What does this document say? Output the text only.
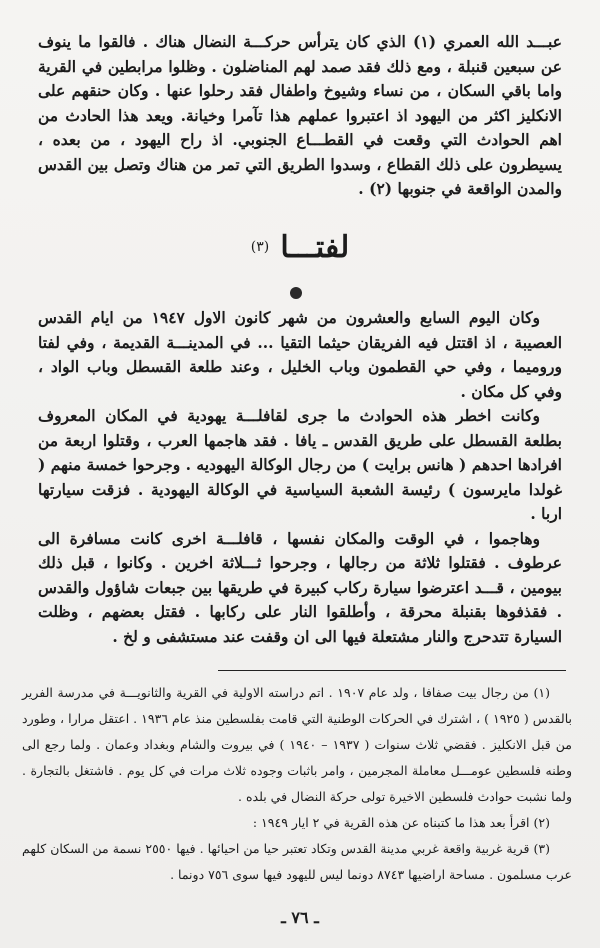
عبـــد الله العمري (١) الذي كان يترأس حركـــة النضال هناك . فالقوا ما ينوف عن سبعين قنبلة ، ومع ذلك فقد صمد لهم المناضلون . وظلوا مرابطين في القرية واما باقي السكان ، من نساء وشيوخ واطفال فقد رحلوا عنها . وكان حنقهم على الانكليز اكثر من اليهود اذ اعتبروا عملهم هذا تآمرا وخيانة. ويعد هذا الحادث من اهم الحوادث التي وقعت في القطـــاع الجنوبي. اذ راح اليهود ، من بعده ، يسيطرون على ذلك القطاع ، وسدوا الطريق التي تمر من هناك وتصل بين القدس والمدن الواقعة في جنوبها (٢) .

لفتـــا (٣)

وكان اليوم السابع والعشرون من شهر كانون الاول ١٩٤٧ من ايام القدس العصيبة ، اذ اقتتل فيه الفريقان حيثما التقيا ... في المدينـــة القديمة ، وفي لفتا وروميما ، وفي حي القطمون وباب الخليل ، وعند طلعة القسطل وباب الواد ، وفي كل مكان .

وكانت اخطر هذه الحوادث ما جرى لقافلـــة يهودية في المكان المعروف بطلعة القسطل على طريق القدس ـ يافا . فقد هاجمها العرب ، وقتلوا اربعة من افرادها احدهم ( هانس برايت ) من رجال الوكالة اليهوديه . وجرحوا خمسة منهم ( غولدا مايرسون ) رئيسة الشعبة السياسية في الوكالة اليهودية . فزقت سيارتها اربا .

وهاجموا ، في الوقت والمكان نفسها ، قافلـــة اخرى كانت مسافرة الى عرطوف . فقتلوا ثلاثة من رجالها ، وجرحوا ثـــلاثة اخرين . وكانوا ، قبل ذلك بيومين ، قـــد اعترضوا سيارة ركاب كبيرة في طريقها بين جبعات شاؤول والقدس . فقذفوها بقنبلة محرقة ، وأطلقوا النار على ركابها . فقتل بعضهم ، وظلت السيارة تتدحرج والنار مشتعلة فيها الى ان وقفت عند مستشفى و لخ .

(١) من رجال بيت صفافا ، ولد عام ١٩٠٧ . اتم دراسته الاولية في القرية والثانويـــة في مدرسة الفرير بالقدس ( ١٩٢٥ ) ، اشترك في الحركات الوطنية التي قامت بفلسطين منذ عام ١٩٣٦ . اعتقل مرارا ، وطورد من قبل الانكليز . فقضي ثلاث سنوات ( ١٩٣٧ – ١٩٤٠ ) في بيروت والشام وبغداد وعمان . ولما رجع الى وطنه فلسطين عومـــل معاملة المجرمين ، وامر باثبات وجوده ثلاث مرات في كل يوم . فاشتغل بالتجارة . ولما نشبت حوادث فلسطين الاخيرة تولى حركة النضال في بلده .

(٢) اقرأ بعد هذا ما كتبناه عن هذه القرية في ٢ ايار ١٩٤٩ :

(٣) قرية غربية واقعة غربي مدينة القدس وتكاد تعتبر حيا من احيائها . فيها ٢٥٥٠ نسمة من السكان كلهم عرب مسلمون . مساحة اراضيها ٨٧٤٣ دونما ليس لليهود فيها سوى ٧٥٦ دونما .

ـ ٧٦ ـ
